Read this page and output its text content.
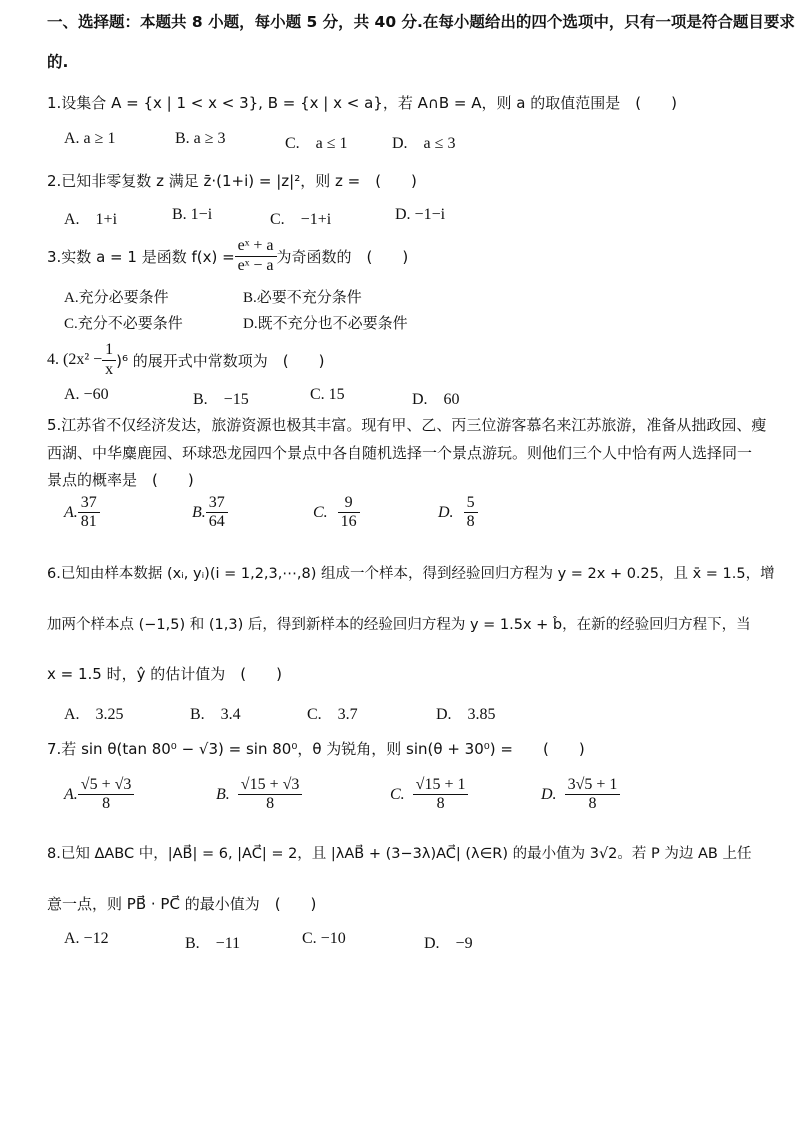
一、选择题：本题共 8 小题，每小题 5 分，共 40 分.在每小题给出的四个选项中，只有一项是符合题目要求
的.
1.设集合 A = {x | 1 < x < 3}, B = {x | x < a}，若 A∩B = A，则 a 的取值范围是　(　　)
A. a ≥ 1	B. a ≥ 3	C.　a ≤ 1	D.　a ≤ 3
2.已知非零复数 z 满足 z̄·(1+i) = |z|²，则 z =　(　　)
A.　1+i	B. 1−i	C.　−1+i	D. −1−i
3.实数 a = 1 是函数 $f(x) = \frac{\text{eˣ + a}}{\text{eˣ − a}}$ 为奇函数的　(　　)
A.充分必要条件	B.必要不充分条件
C.充分不必要条件	D.既不充分也不必要条件
4. $(2x^2 - \frac{1}{x} )^6$ 的展开式中常数项为　(　　)
A. −60	B.　−15	C. 15	D.　60
5.江苏省不仅经济发达，旅游资源也极其丰富。现有甲、乙、丙三位游客慕名来江苏旅游，准备从拙政园、瘦
西湖、中华麋鹿园、环球恐龙园四个景点中各自随机选择一个景点游玩。则他们三个人中恰有两人选择同一
景点的概率是　(　　)
A. $\frac{37}{81}$	B. $\frac{37}{64}$	C. $\frac{9}{16}$	D. $\frac{5}{8}$
6.已知由样本数据 (xᵢ, yᵢ)(i = 1,2,3,⋯,8) 组成一个样本，得到经验回归方程为 y = 2x + 0.25，且 x̄ = 1.5，增
加两个样本点 (−1,5) 和 (1,3) 后，得到新样本的经验回归方程为 y = 1.5x + b̂，在新的经验回归方程下，当
x = 1.5 时，ŷ 的估计值为　(　　)
A.　3.25	B.　3.4	C.　3.7	D.　3.85
7.若 sin θ(tan 80⁰ − √3) = sin 80⁰，θ 为锐角，则 sin(θ + 30⁰) =　　(　　)
A. $\frac{√5 + √3}{8}$	B. $\frac{√15 + √3}{8}$	C. $\frac{√15 + 1}{8}$	D. $\frac{3√5 + 1}{8}$
8.已知 ΔABC 中，|AB⃗| = 6, |AC⃗| = 2，且 |λAB⃗ + (3−3λ)AC⃗| (λ∈R) 的最小值为 3√2。若 P 为边 AB 上任
意一点，则 PB⃗ · PC⃗ 的最小值为　(　　)
A. −12	B.　−11	C. −10	D.　−9
